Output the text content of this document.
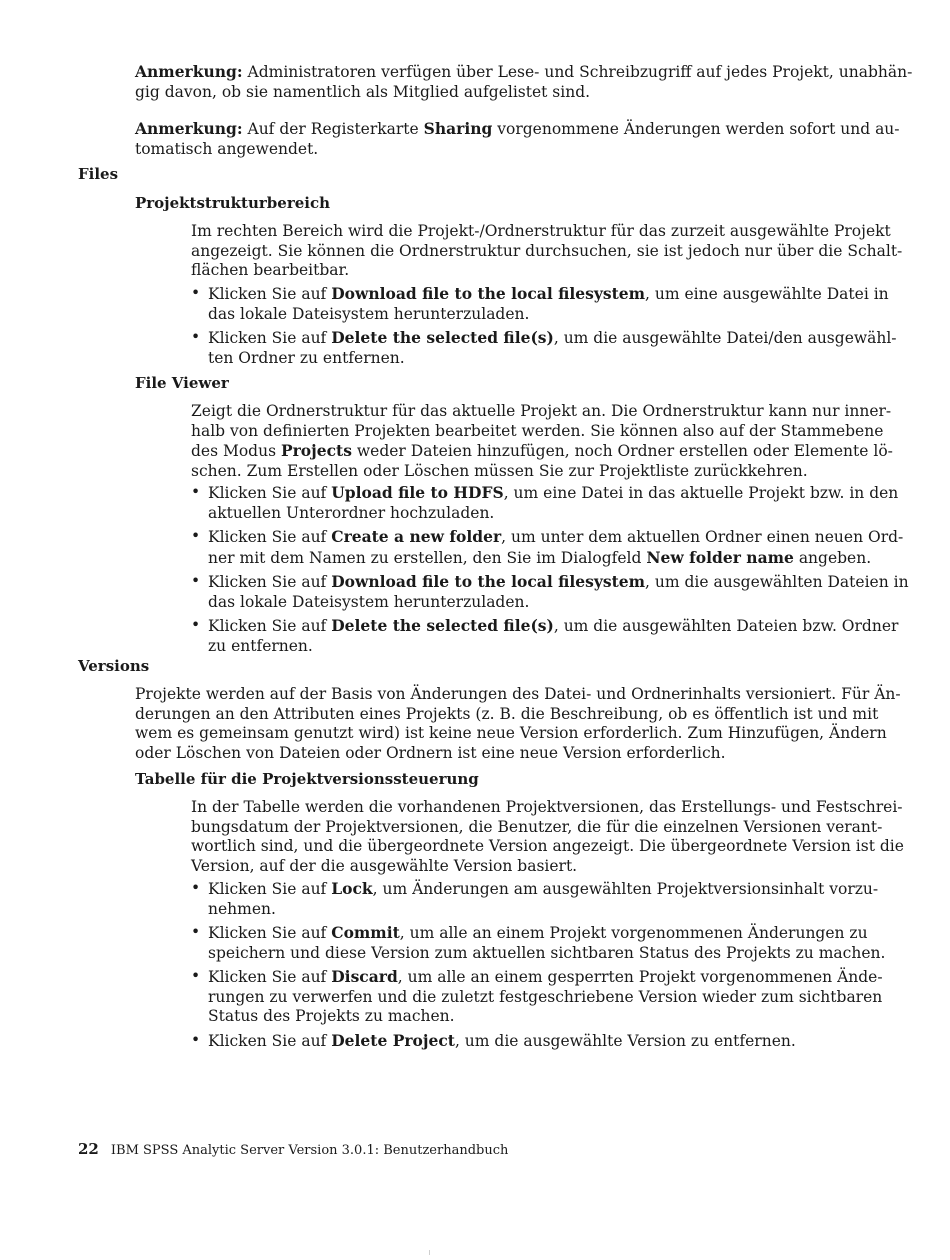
Anmerkung: Administratoren verfügen über Lese- und Schreibzugriff auf jedes Projekt, unabhän-
gig davon, ob sie namentlich als Mitglied aufgelistet sind.

Anmerkung: Auf der Registerkarte Sharing vorgenommene Änderungen werden sofort und au-
tomatisch angewendet.

Files
Projektstrukturbereich

Im rechten Bereich wird die Projekt-/Ordnerstruktur für das zurzeit ausgewählte Projekt
angezeigt. Sie können die Ordnerstruktur durchsuchen, sie ist jedoch nur über die Schalt-
flächen bearbeitbar.

• Klicken Sie auf Download file to the local filesystem, um eine ausgewählte Datei in
das lokale Dateisystem herunterzuladen.
• Klicken Sie auf Delete the selected file(s), um die ausgewählte Datei/den ausgewähl-
ten Ordner zu entfernen.
File Viewer

Zeigt die Ordnerstruktur für das aktuelle Projekt an. Die Ordnerstruktur kann nur inner-
halb von definierten Projekten bearbeitet werden. Sie können also auf der Stammebene
des Modus Projects weder Dateien hinzufügen, noch Ordner erstellen oder Elemente lö-
schen. Zum Erstellen oder Löschen müssen Sie zur Projektliste zurückkehren.

• Klicken Sie auf Upload file to HDFS, um eine Datei in das aktuelle Projekt bzw. in den
aktuellen Unterordner hochzuladen.
• Klicken Sie auf Create a new folder, um unter dem aktuellen Ordner einen neuen Ord-
ner mit dem Namen zu erstellen, den Sie im Dialogfeld New folder name angeben.
• Klicken Sie auf Download file to the local filesystem, um die ausgewählten Dateien in
das lokale Dateisystem herunterzuladen.
• Klicken Sie auf Delete the selected file(s), um die ausgewählten Dateien bzw. Ordner
zu entfernen.
Versions

Projekte werden auf der Basis von Änderungen des Datei- und Ordnerinhalts versioniert. Für Än-
derungen an den Attributen eines Projekts (z. B. die Beschreibung, ob es öffentlich ist und mit
wem es gemeinsam genutzt wird) ist keine neue Version erforderlich. Zum Hinzufügen, Ändern
oder Löschen von Dateien oder Ordnern ist eine neue Version erforderlich.

Tabelle für die Projektversionssteuerung

In der Tabelle werden die vorhandenen Projektversionen, das Erstellungs- und Festschrei-
bungsdatum der Projektversionen, die Benutzer, die für die einzelnen Versionen verant-
wortlich sind, und die übergeordnete Version angezeigt. Die übergeordnete Version ist die
Version, auf der die ausgewählte Version basiert.

• Klicken Sie auf Lock, um Änderungen am ausgewählten Projektversionsinhalt vorzu-
nehmen.
• Klicken Sie auf Commit, um alle an einem Projekt vorgenommenen Änderungen zu
speichern und diese Version zum aktuellen sichtbaren Status des Projekts zu machen.
• Klicken Sie auf Discard, um alle an einem gesperrten Projekt vorgenommenen Ände-
rungen zu verwerfen und die zuletzt festgeschriebene Version wieder zum sichtbaren
Status des Projekts zu machen.
• Klicken Sie auf Delete Project, um die ausgewählte Version zu entfernen.
22 IBM SPSS Analytic Server Version 3.0.1: Benutzerhandbuch
